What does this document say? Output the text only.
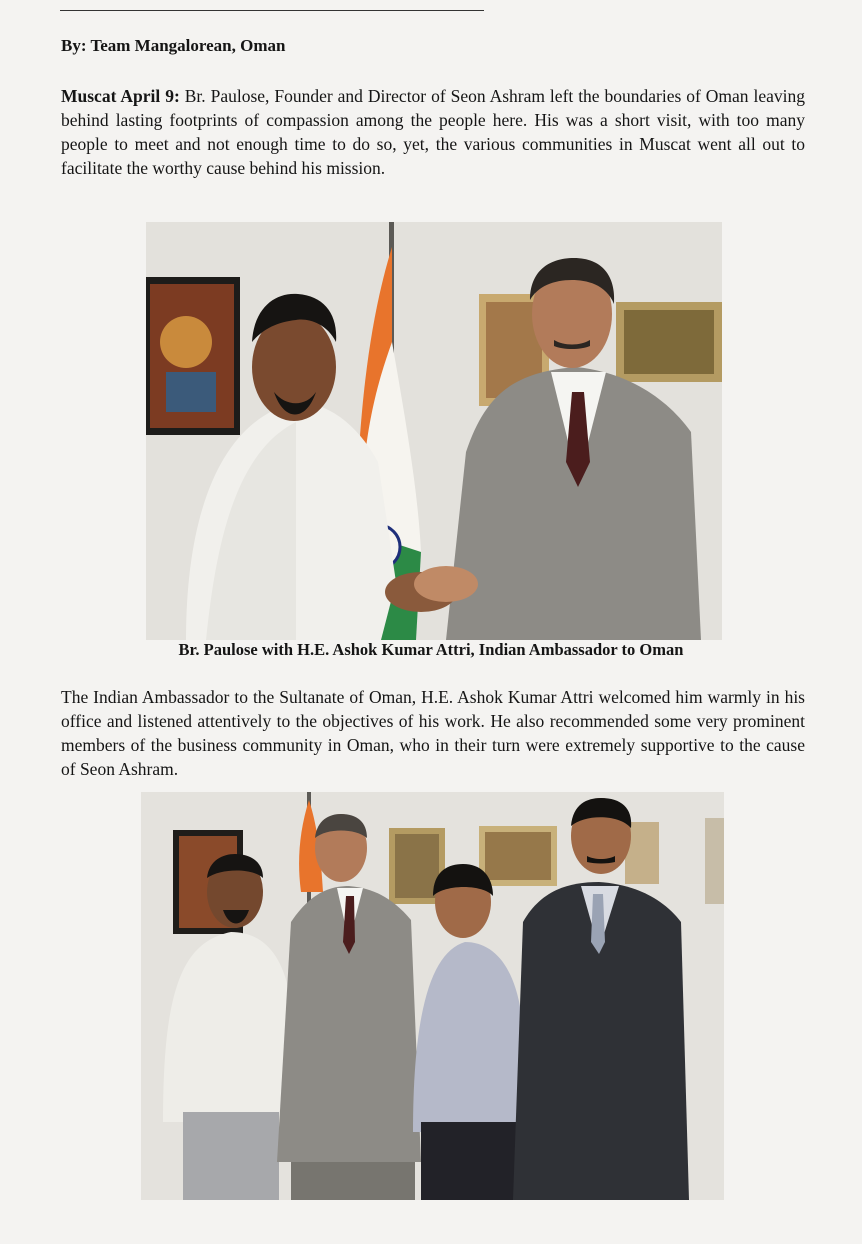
By: Team Mangalorean, Oman
Muscat April 9: Br. Paulose, Founder and Director of Seon Ashram left the boundaries of Oman leaving behind lasting footprints of compassion among the people here. His was a short visit, with too many people to meet and not enough time to do so, yet, the various communities in Muscat went all out to facilitate the worthy cause behind his mission.
Br. Paulose with H.E. Ashok Kumar Attri, Indian Ambassador to Oman
The Indian Ambassador to the Sultanate of Oman, H.E. Ashok Kumar Attri welcomed him warmly in his office and listened attentively to the objectives of his work. He also recommended some very prominent members of the business community in Oman, who in their turn were extremely supportive to the cause of Seon Ashram.
